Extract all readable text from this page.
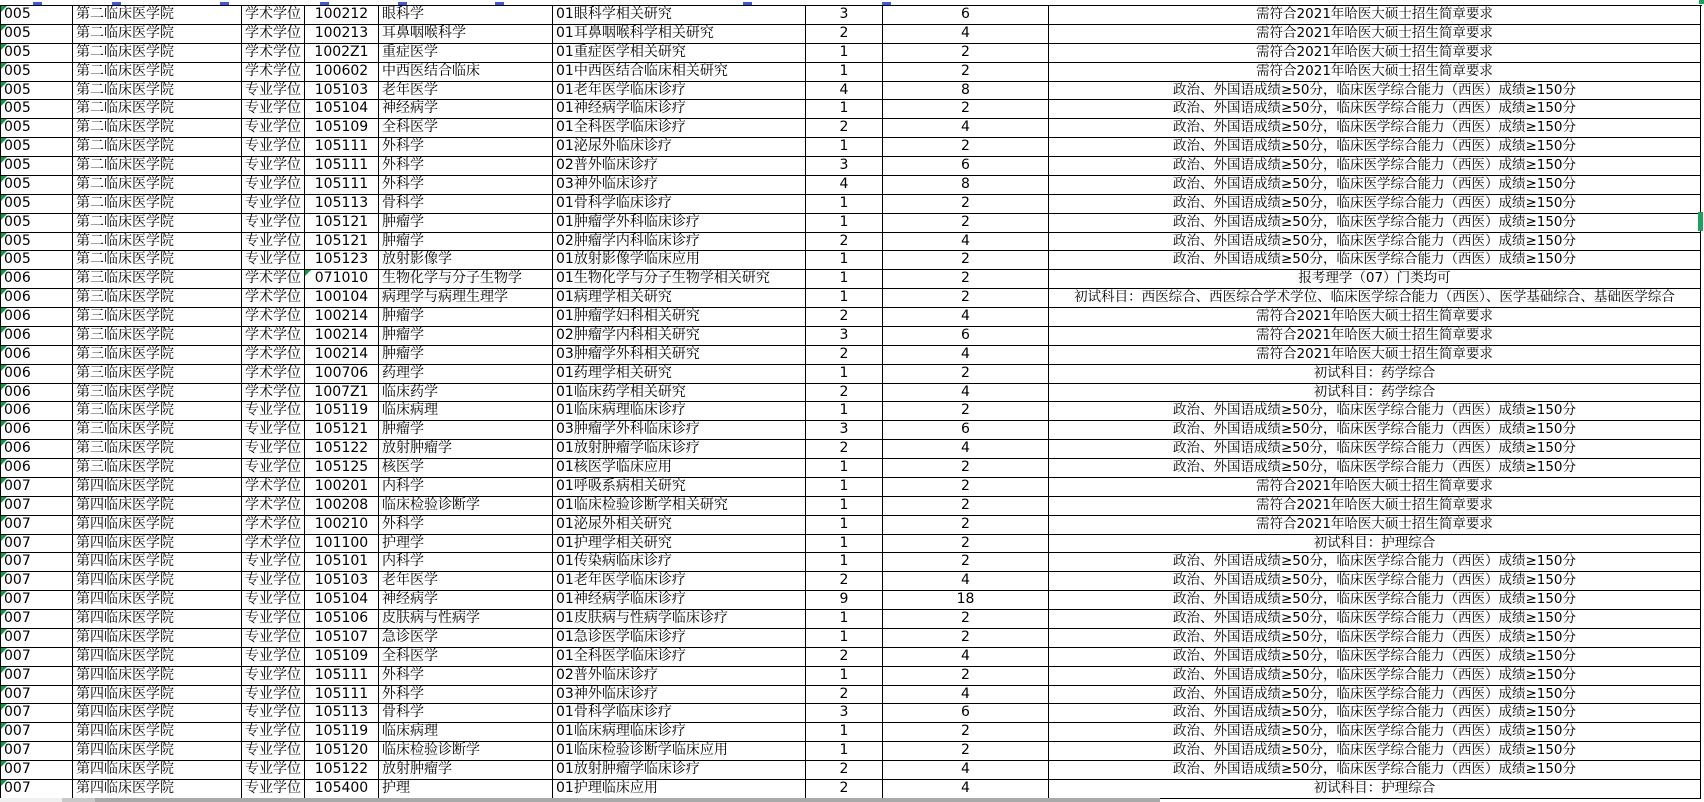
005	第二临床医学院	学术学位 100212 眼科学	01眼科学相关研究	3	6	需符合2021年哈医大硕士招生简章要求
005	第二临床医学院	学术学位 100213 耳鼻咽喉科学	01耳鼻咽喉科学相关研究	2	4	需符合2021年哈医大硕士招生简章要求
005	第二临床医学院	学术学位 1002Z1 重症医学	01重症医学相关研究	1	2	需符合2021年哈医大硕士招生简章要求
005	第二临床医学院	学术学位 100602 中西医结合临床	01中西医结合临床相关研究	1	2	需符合2021年哈医大硕士招生简章要求
005	第二临床医学院	专业学位 105103 老年医学	01老年医学临床诊疗	4	8	政治、外国语成绩≥50分，临床医学综合能力（西医）成绩≥150分
005	第二临床医学院	专业学位 105104 神经病学	01神经病学临床诊疗	1	2	政治、外国语成绩≥50分，临床医学综合能力（西医）成绩≥150分
005	第二临床医学院	专业学位 105109 全科医学	01全科医学临床诊疗	2	4	政治、外国语成绩≥50分，临床医学综合能力（西医）成绩≥150分
005	第二临床医学院	专业学位 105111 外科学	01泌尿外临床诊疗	1	2	政治、外国语成绩≥50分，临床医学综合能力（西医）成绩≥150分
005	第二临床医学院	专业学位 105111 外科学	02普外临床诊疗	3	6	政治、外国语成绩≥50分，临床医学综合能力（西医）成绩≥150分
005	第二临床医学院	专业学位 105111 外科学	03神外临床诊疗	4	8	政治、外国语成绩≥50分，临床医学综合能力（西医）成绩≥150分
005	第二临床医学院	专业学位 105113 骨科学	01骨科学临床诊疗	1	2	政治、外国语成绩≥50分，临床医学综合能力（西医）成绩≥150分
005	第二临床医学院	专业学位 105121 肿瘤学	01肿瘤学外科临床诊疗	1	2	政治、外国语成绩≥50分，临床医学综合能力（西医）成绩≥150分
005	第二临床医学院	专业学位 105121 肿瘤学	02肿瘤学内科临床诊疗	2	4	政治、外国语成绩≥50分，临床医学综合能力（西医）成绩≥150分
005	第二临床医学院	专业学位 105123 放射影像学	01放射影像学临床应用	1	2	政治、外国语成绩≥50分，临床医学综合能力（西医）成绩≥150分
006	第三临床医学院	学术学位 071010 生物化学与分子生物学	01生物化学与分子生物学相关研究	1	2	报考理学（07）门类均可
006	第三临床医学院	学术学位 100104 病理学与病理生理学	01病理学相关研究	1	2	初试科目：西医综合、西医综合学术学位、临床医学综合能力（西医）、医学基础综合、基础医学综合
006	第三临床医学院	学术学位 100214 肿瘤学	01肿瘤学妇科相关研究	2	4	需符合2021年哈医大硕士招生简章要求
006	第三临床医学院	学术学位 100214 肿瘤学	02肿瘤学内科相关研究	3	6	需符合2021年哈医大硕士招生简章要求
006	第三临床医学院	学术学位 100214 肿瘤学	03肿瘤学外科相关研究	2	4	需符合2021年哈医大硕士招生简章要求
006	第三临床医学院	学术学位 100706 药理学	01药理学相关研究	1	2	初试科目：药学综合
006	第三临床医学院	学术学位 1007Z1 临床药学	01临床药学相关研究	2	4	初试科目：药学综合
006	第三临床医学院	专业学位 105119 临床病理	01临床病理临床诊疗	1	2	政治、外国语成绩≥50分，临床医学综合能力（西医）成绩≥150分
006	第三临床医学院	专业学位 105121 肿瘤学	03肿瘤学外科临床诊疗	3	6	政治、外国语成绩≥50分，临床医学综合能力（西医）成绩≥150分
006	第三临床医学院	专业学位 105122 放射肿瘤学	01放射肿瘤学临床诊疗	2	4	政治、外国语成绩≥50分，临床医学综合能力（西医）成绩≥150分
006	第三临床医学院	专业学位 105125 核医学	01核医学临床应用	1	2	政治、外国语成绩≥50分，临床医学综合能力（西医）成绩≥150分
007	第四临床医学院	学术学位 100201 内科学	01呼吸系病相关研究	1	2	需符合2021年哈医大硕士招生简章要求
007	第四临床医学院	学术学位 100208 临床检验诊断学	01临床检验诊断学相关研究	1	2	需符合2021年哈医大硕士招生简章要求
007	第四临床医学院	学术学位 100210 外科学	01泌尿外相关研究	1	2	需符合2021年哈医大硕士招生简章要求
007	第四临床医学院	学术学位 101100 护理学	01护理学相关研究	1	2	初试科目：护理综合
007	第四临床医学院	专业学位 105101 内科学	01传染病临床诊疗	1	2	政治、外国语成绩≥50分，临床医学综合能力（西医）成绩≥150分
007	第四临床医学院	专业学位 105103 老年医学	01老年医学临床诊疗	2	4	政治、外国语成绩≥50分，临床医学综合能力（西医）成绩≥150分
007	第四临床医学院	专业学位 105104 神经病学	01神经病学临床诊疗	9	18	政治、外国语成绩≥50分，临床医学综合能力（西医）成绩≥150分
007	第四临床医学院	专业学位 105106 皮肤病与性病学	01皮肤病与性病学临床诊疗	1	2	政治、外国语成绩≥50分，临床医学综合能力（西医）成绩≥150分
007	第四临床医学院	专业学位 105107 急诊医学	01急诊医学临床诊疗	1	2	政治、外国语成绩≥50分，临床医学综合能力（西医）成绩≥150分
007	第四临床医学院	专业学位 105109 全科医学	01全科医学临床诊疗	2	4	政治、外国语成绩≥50分，临床医学综合能力（西医）成绩≥150分
007	第四临床医学院	专业学位 105111 外科学	02普外临床诊疗	1	2	政治、外国语成绩≥50分，临床医学综合能力（西医）成绩≥150分
007	第四临床医学院	专业学位 105111 外科学	03神外临床诊疗	2	4	政治、外国语成绩≥50分，临床医学综合能力（西医）成绩≥150分
007	第四临床医学院	专业学位 105113 骨科学	01骨科学临床诊疗	3	6	政治、外国语成绩≥50分，临床医学综合能力（西医）成绩≥150分
007	第四临床医学院	专业学位 105119 临床病理	01临床病理临床诊疗	1	2	政治、外国语成绩≥50分，临床医学综合能力（西医）成绩≥150分
007	第四临床医学院	专业学位 105120 临床检验诊断学	01临床检验诊断学临床应用	1	2	政治、外国语成绩≥50分，临床医学综合能力（西医）成绩≥150分
007	第四临床医学院	专业学位 105122 放射肿瘤学	01放射肿瘤学临床诊疗	2	4	政治、外国语成绩≥50分，临床医学综合能力（西医）成绩≥150分
007	第四临床医学院	专业学位 105400 护理	01护理临床应用	2	4	初试科目：护理综合
